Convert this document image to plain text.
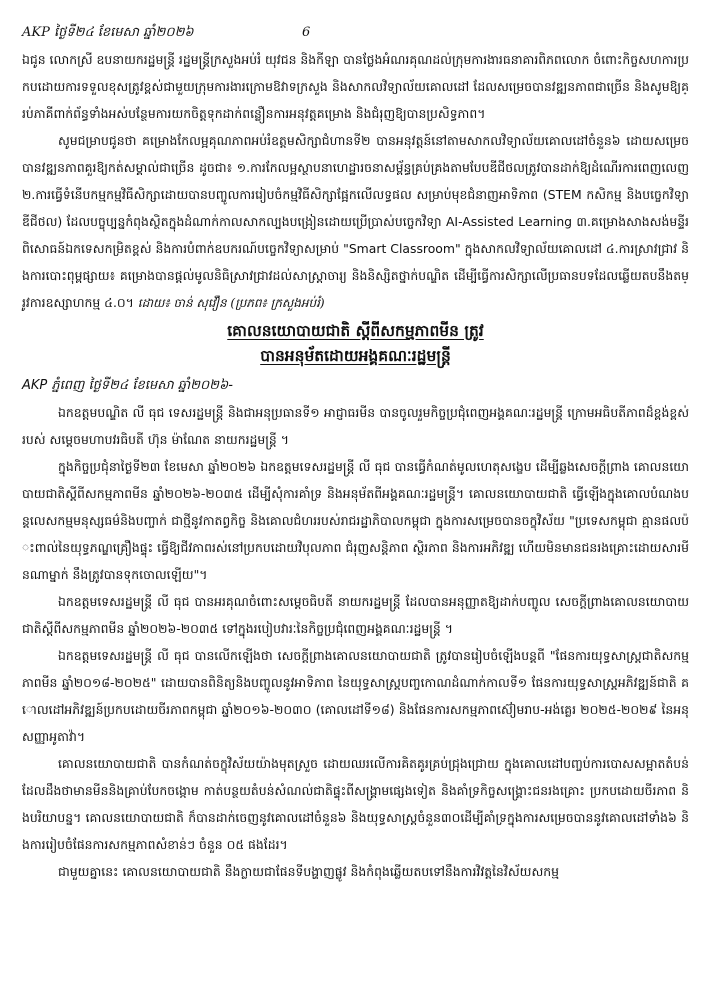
AKP ថ្ងៃទី២៤ ខែមេសា ឆ្នាំ២០២៦	6

ឯជូន លោកស្រី ឧបនាយករដ្ឋមន្ត្រី រដ្ឋមន្ត្រីក្រសួងអប់រំ យុវជន និងកីឡា បានថ្លែងអំណរគុណដល់ក្រុមការងារធនាគារពិភពលោក ចំពោះកិច្ចសហការប្រកបដោយការទទួលខុសត្រូវខ្ពស់ជាមួយក្រុមការងារក្រោមឱវាទក្រសួង និងសាកលវិទ្យាល័យគោលដៅ ដែលសម្រេចបានវឌ្ឍនភាពជាច្រើន និងសូមឱ្យគ្រប់ភាគីពាក់ព័ន្ធទាំងអស់បន្ថែមការយកចិត្តទុកដាក់ពន្លឿនការអនុវត្តគម្រោង និងជំរុញឱ្យបានប្រសិទ្ធភាព។

សូមជម្រាបជូនថា គម្រោងកែលម្អគុណភាពអប់រំឧត្តមសិក្សាជំហានទី២ បានអនុវត្តន៍នៅតាមសាកលវិទ្យាល័យគោលដៅចំនួន៦ ដោយសម្រេចបានវឌ្ឍនភាពគួរឱ្យកត់សម្គាល់ជាច្រើន ដូចជា៖ ១.ការកែលម្អស្ថាបនាហេដ្ឋារចនាសម្ព័ន្ធគ្រប់គ្រងតាមបែបឌីជីថលត្រូវបានដាក់ឱ្យដំណើរការពេញលេញ ២.ការធ្វើទំនើបកម្មកម្មវិធីសិក្សាដោយបានបញ្ចូលការរៀបចំកម្មវិធីសិក្សាផ្អែកលើលទ្ធផល សម្រាប់មុខជំនាញអាទិភាព (STEM កសិកម្ម និងបច្ចេកវិទ្យាឌីជីថល) ដែលបច្ចុប្បន្នកំពុងស្ថិតក្នុងដំណាក់កាលសាកល្បងបង្រៀនដោយប្រើប្រាស់បច្ចេកវិទ្យា AI-Assisted Learning ៣.គម្រោងសាងសង់មន្ទីរពិសោធន៍ឯកទេសកម្រិតខ្ពស់ និងការបំពាក់ឧបករណ៍បច្ចេកវិទ្យាសម្រាប់ "Smart Classroom" ក្នុងសាកលវិទ្យាល័យគោលដៅ ៤.ការស្រាវជ្រាវ និងការបោះពុម្ពផ្សាយ៖ គម្រោងបានផ្តល់មូលនិធិស្រាវជ្រាវដល់សាស្ត្រាចារ្យ និងនិស្សិតថ្នាក់បណ្ឌិត ដើម្បីធ្វើការសិក្សាលើប្រធានបទដែលឆ្លើយតបនឹងតម្រូវការឧស្សាហកម្ម ៤.០។ ដោយ៖ ចាន់ សុវឿន (ប្រភព៖ ក្រសួងអប់រំ)

គោលនយោបាយជាតិ ស្តីពីសកម្មភាពមីន ត្រូវ
បានអនុម័តដោយអង្គគណៈរដ្ឋមន្ត្រី
AKP ភ្នំពេញ ថ្ងៃទី២៤ ខែមេសា ឆ្នាំ២០២៦-

ឯកឧត្តមបណ្ឌិត លី ធុជ ទេសរដ្ឋមន្ត្រី និងជាអនុប្រធានទី១ អាជ្ញាធរមីន បានចូលរួមកិច្ចប្រជុំពេញអង្គគណៈរដ្ឋមន្ត្រី ក្រោមអធិបតីភាពដ៏ខ្ពង់ខ្ពស់របស់ សម្តេចមហាបវរធិបតី ហ៊ុន ម៉ាណែត នាយករដ្ឋមន្ត្រី ។

ក្នុងកិច្ចប្រជុំនាថ្ងៃទី២៣ ខែមេសា ឆ្នាំ២០២៦ ឯកឧត្តមទេសរដ្ឋមន្ត្រី លី ធុជ បានធ្វើកំណត់មូលហេតុសង្ខេប ដើម្បីឆ្លងសេចក្តីព្រាង គោលនយោបាយជាតិស្តីពីសកម្មភាពមីន ឆ្នាំ២០២៦-២០៣៥ ដើម្បីសុំការគាំទ្រ និងអនុម័តពីអង្គគណៈរដ្ឋមន្ត្រី។ គោលនយោបាយជាតិ ធ្វើឡើងក្នុងគោលបំណងបន្តលេសកម្មមនុស្សធម៌និងបញ្ចាក់ ជាថ្មីនូវកាតព្វកិច្ច និងគោលជំហររបស់រាជរដ្ឋាភិបាលកម្ពុជា ក្នុងការសម្រេចបានចក្ខុវិស័យ "ប្រទេសកម្ពុជា គ្មានផលប៉ះពាល់នៃយុទ្ធភណ្ឌគ្រឿងផ្ទុះ ធ្វើឱ្យជីវភាពរស់នៅប្រកបដោយវិបុលភាព ជំរុញសន្តិភាព ស្ថិរភាព និងការអភិវឌ្ឍ ហើយមិនមានជនរងគ្រោះដោយសារមីនណាម្នាក់ នឹងត្រូវបានទុកចោលឡើយ"។

ឯកឧត្តមទេសរដ្ឋមន្ត្រី លី ធុជ បានអរគុណចំពោះសម្តេចធិបតី នាយករដ្ឋមន្ត្រី ដែលបានអនុញ្ញាតឱ្យដាក់បញ្ចូល សេចក្តីព្រាងគោលនយោបាយជាតិស្តីពីសកម្មភាពមីន ឆ្នាំ២០២៦-២០៣៥ ទៅក្នុងរបៀបវារៈនៃកិច្ចប្រជុំពេញអង្គគណៈរដ្ឋមន្ត្រី ។

ឯកឧត្តមទេសរដ្ឋមន្ត្រី លី ធុជ បានលើកឡើងថា សេចក្តីព្រាងគោលនយោបាយជាតិ ត្រូវបានរៀបចំឡើងបន្តពី "ផែនការយុទ្ធសាស្ត្រជាតិសកម្មភាពមីន ឆ្នាំ២០១៨-២០២៥" ដោយបានពិនិត្យនិងបញ្ចូលនូវអាទិភាព នៃយុទ្ធសាស្ត្របញ្ចកោណដំណាក់កាលទី១ ផែនការយុទ្ធសាស្ត្រអភិវឌ្ឍន៍ជាតិ គោលដៅអភិវឌ្ឍន៍ប្រកបដោយចីរភាពកម្ពុជា ឆ្នាំ២០១៦-២០៣០ (គោលដៅទី១៨) និងផែនការសកម្មភាពស៊ៀមរាប-អង់គ្លេរ ២០២៥-២០២៩ នៃអនុសញ្ញាអូតាវ៉ា។

គោលនយោបាយជាតិ បានកំណត់ចក្ខុវិស័យយ៉ាងមុតស្រួច ដោយឈរលើការគិតគូរគ្រប់ជ្រុងជ្រោយ ក្នុងគោលដៅបញ្ចប់ការបោសសម្អាតតំបន់ដែលដឹងថាមានមីននិងគ្រាប់បែកចង្កោម កាត់បន្ថយតំបន់សំណល់ជាតិផ្ទុះពីសង្គ្រាមផ្សេងទៀត និងគាំទ្រកិច្ចសង្គ្រោះជនរងគ្រោះ ប្រកបដោយចីរភាព និងបរិយាបន្ន។ គោលនយោបាយជាតិ ក៏បានដាក់ចេញនូវគោលដៅចំនួន៦ និងយុទ្ធសាស្ត្រចំនួន៣០ដើម្បីគាំទ្រក្នុងការសម្រេចបាននូវគោលដៅទាំង៦ និងការរៀបចំផែនការសកម្មភាពសំខាន់ៗ ចំនួន ០៥ ផងដែរ។

ជាមួយគ្នានេះ គោលនយោបាយជាតិ នឹងក្លាយជាផែនទីបង្ហាញផ្លូវ និងកំពុងឆ្លើយតបទៅនឹងការវិវត្តនៃវិស័យសកម្ម
